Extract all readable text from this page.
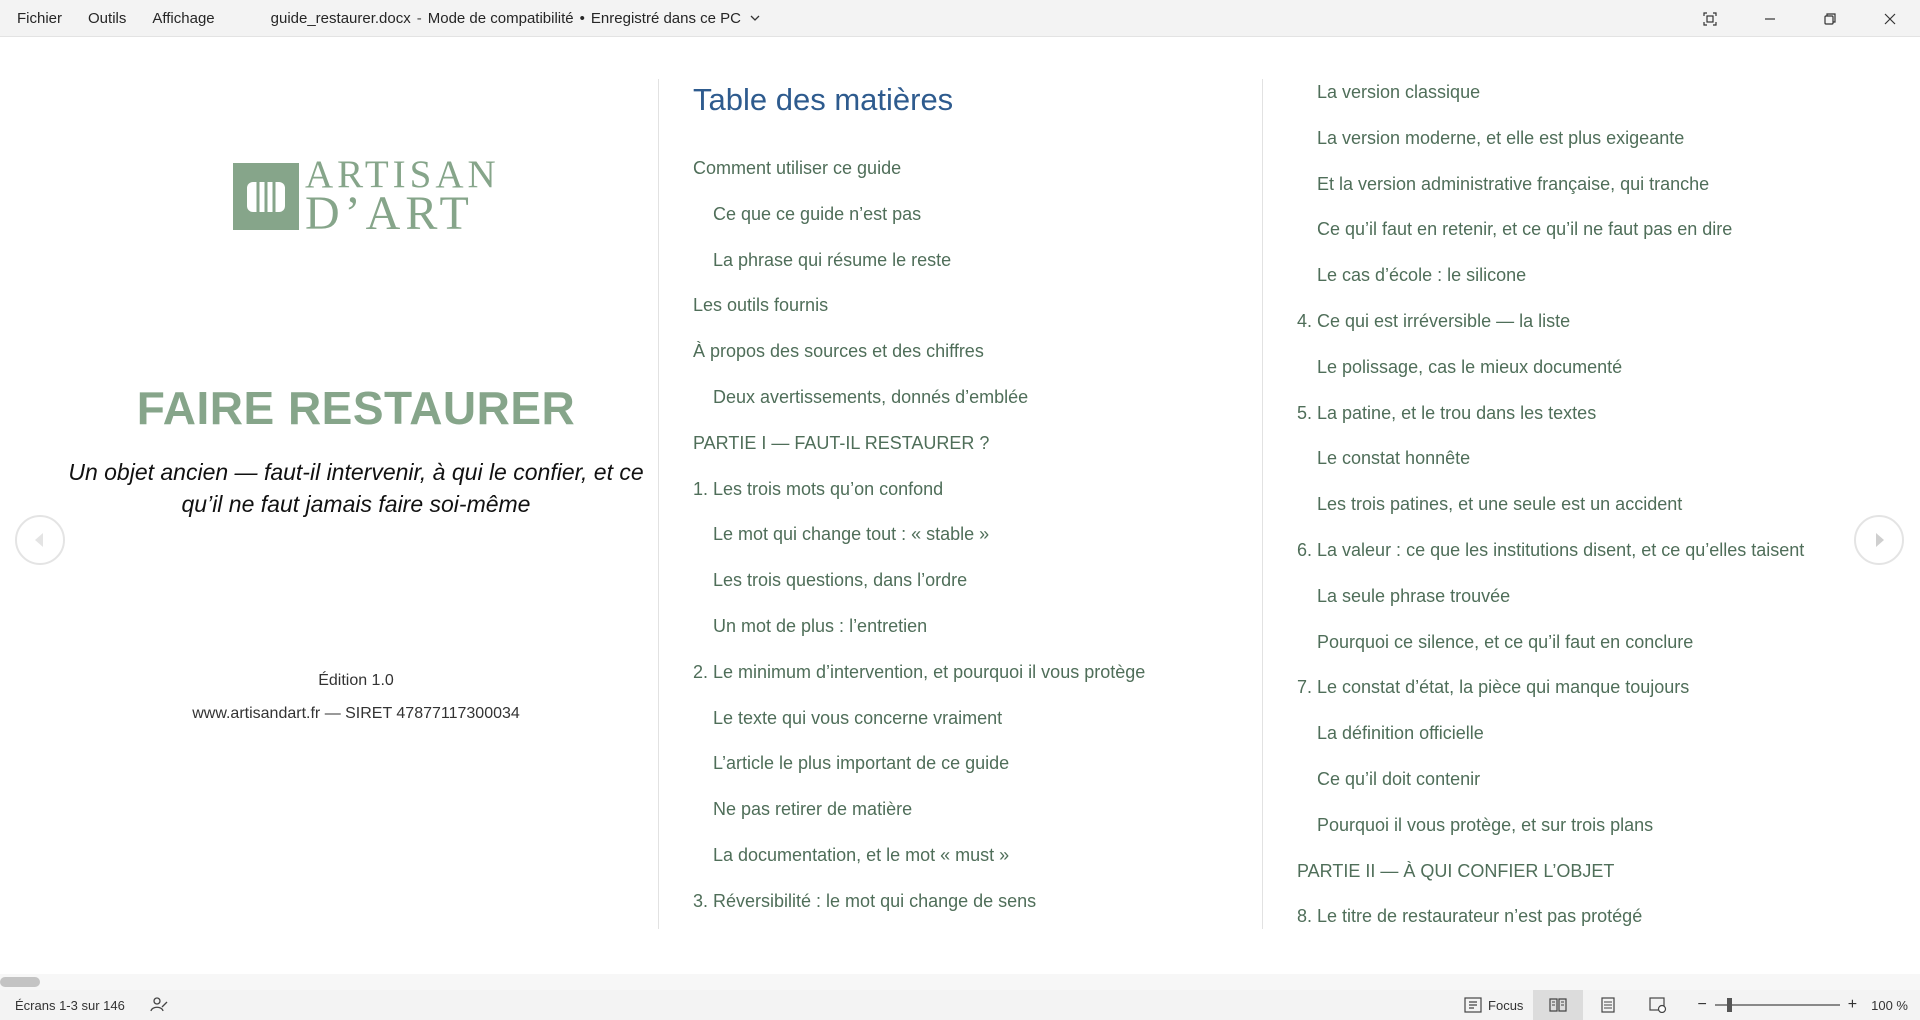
Fichier	Outils	Affichage	guide_restaurer.docx - Mode de compatibilité • Enregistré dans ce PC
ARTISAN
D’ART
FAIRE RESTAURER
Un objet ancien — faut-il intervenir, à qui le confier, et ce qu’il ne faut jamais faire soi-même
Édition 1.0
www.artisandart.fr — SIRET 47877117300034
Table des matières
Comment utiliser ce guide
Ce que ce guide n’est pas
La phrase qui résume le reste
Les outils fournis
À propos des sources et des chiffres
Deux avertissements, donnés d’emblée
PARTIE I — FAUT-IL RESTAURER ?
1. Les trois mots qu’on confond
Le mot qui change tout : « stable »
Les trois questions, dans l’ordre
Un mot de plus : l’entretien
2. Le minimum d’intervention, et pourquoi il vous protège
Le texte qui vous concerne vraiment
L’article le plus important de ce guide
Ne pas retirer de matière
La documentation, et le mot « must »
3. Réversibilité : le mot qui change de sens
La version classique
La version moderne, et elle est plus exigeante
Et la version administrative française, qui tranche
Ce qu’il faut en retenir, et ce qu’il ne faut pas en dire
Le cas d’école : le silicone
4. Ce qui est irréversible — la liste
Le polissage, cas le mieux documenté
5. La patine, et le trou dans les textes
Le constat honnête
Les trois patines, et une seule est un accident
6. La valeur : ce que les institutions disent, et ce qu’elles taisent
La seule phrase trouvée
Pourquoi ce silence, et ce qu’il faut en conclure
7. Le constat d’état, la pièce qui manque toujours
La définition officielle
Ce qu’il doit contenir
Pourquoi il vous protège, et sur trois plans
PARTIE II — À QUI CONFIER L’OBJET
8. Le titre de restaurateur n’est pas protégé
Écrans 1-3 sur 146	Focus	−	+ 100 %
